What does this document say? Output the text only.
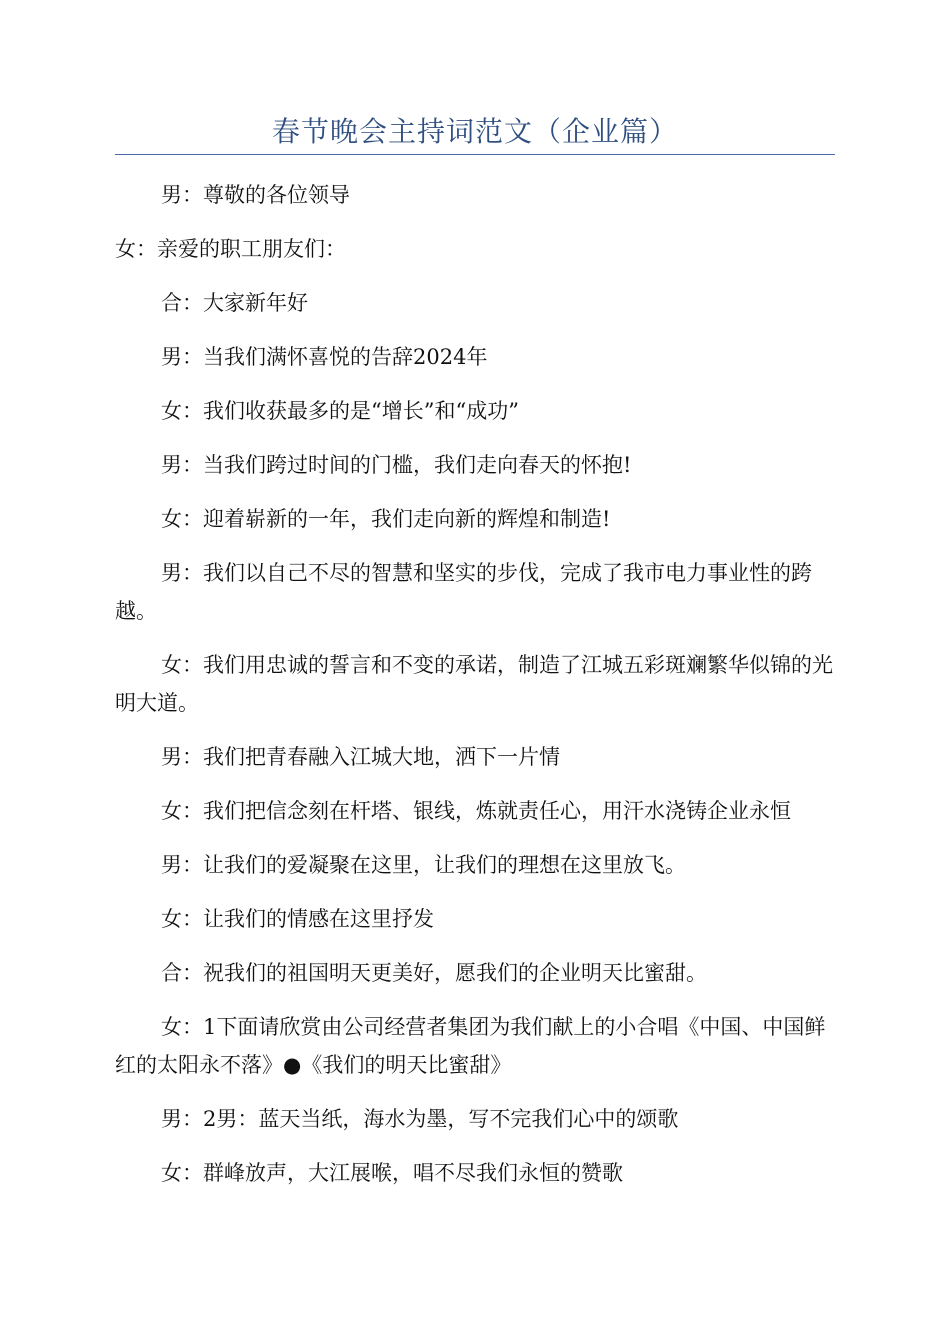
春节晚会主持词范文（企业篇）

男：尊敬的各位领导

女：亲爱的职工朋友们：

合：大家新年好

男：当我们满怀喜悦的告辞2024年

女：我们收获最多的是“增长”和“成功”

男：当我们跨过时间的门槛，我们走向春天的怀抱!

女：迎着崭新的一年，我们走向新的辉煌和制造!

男：我们以自己不尽的智慧和坚实的步伐，完成了我市电力事业性的跨越。

女：我们用忠诚的誓言和不变的承诺，制造了江城五彩斑斓繁华似锦的光明大道。

男：我们把青春融入江城大地，洒下一片情

女：我们把信念刻在杆塔、银线，炼就责任心，用汗水浇铸企业永恒

男：让我们的爱凝聚在这里，让我们的理想在这里放飞。

女：让我们的情感在这里抒发

合：祝我们的祖国明天更美好，愿我们的企业明天比蜜甜。

女：1下面请欣赏由公司经营者集团为我们献上的小合唱《中国、中国鲜红的太阳永不落》●《我们的明天比蜜甜》

男：2男：蓝天当纸，海水为墨，写不完我们心中的颂歌

女：群峰放声，大江展喉，唱不尽我们永恒的赞歌
